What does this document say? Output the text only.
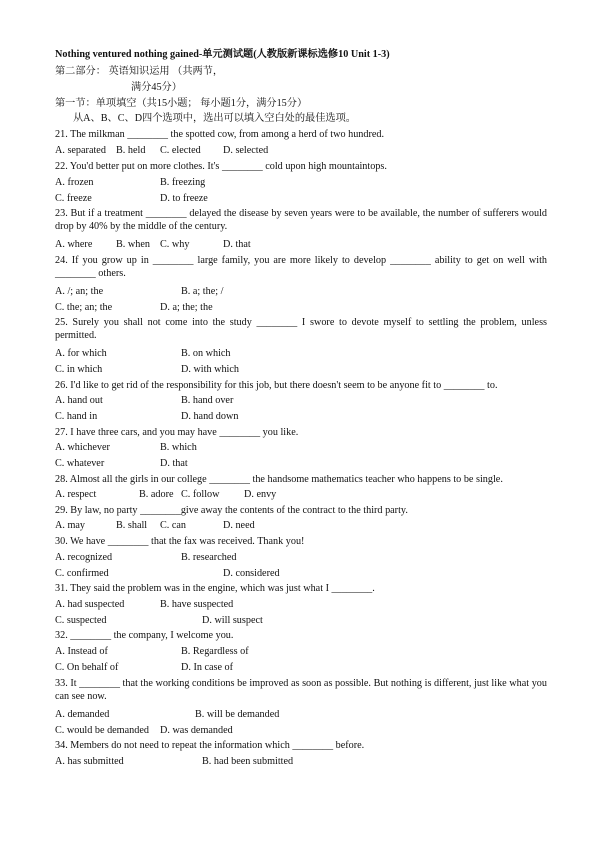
Nothing ventured nothing gained-单元测试题(人教版新课标选修10 Unit 1-3)
第二部分： 英语知识运用 （共两节，
满分45分）
第一节：单项填空（共15小题； 每小题1分，满分15分）
从A、B、C、D四个选项中，选出可以填入空白处的最佳选项。
21. The milkman ________ the spotted cow, from among a herd of two hundred.
A. separated B. held C. elected D. selected
22. You'd better put on more clothes. It's ________ cold upon high mountaintops.
A. frozen	B. freezing
C. freeze	D. to freeze
23. But if a treatment ________ delayed the disease by seven years were to be available, the number of sufferers would drop by 40% by the middle of the century.
A. where B. when C. why	D. that
24. If you grow up in ________ large family, you are more likely to develop ________ ability to get on well with ________ others.
A. /; an; the	B. a; the; /
C. the; an; the	D. a; the; the
25. Surely you shall not come into the study ________ I swore to devote myself to settling the problem, unless permitted.
A. for which	B. on which
C. in which	D. with which
26. I'd like to get rid of the responsibility for this job, but there doesn't seem to be anyone fit to ________ to.
A. hand out	B. hand over
C. hand in	D. hand down
27. I have three cars, and you may have ________ you like.
A. whichever	B. which
C. whatever	D. that
28. Almost all the girls in our college ________ the handsome mathematics teacher who happens to be single.
A. respect	B. adore C. follow D. envy
29. By law, no party ________give away the contents of the contract to the third party.
A. may	B. shall C. can	D. need
30. We have ________ that the fax was received. Thank you!
A. recognized	B. researched
C. confirmed	D. considered
31. They said the problem was in the engine, which was just what I ________.
A. had suspected	B. have suspected
C. suspected	D. will suspect
32. ________ the company, I welcome you.
A. Instead of	B. Regardless of
C. On behalf of	D. In case of
33. It ________ that the working conditions be improved as soon as possible. But nothing is different, just like what you can see now.
A. demanded	B. will be demanded
C. would be demanded D. was demanded
34. Members do not need to repeat the information which ________ before.
A. has submitted	B. had been submitted
